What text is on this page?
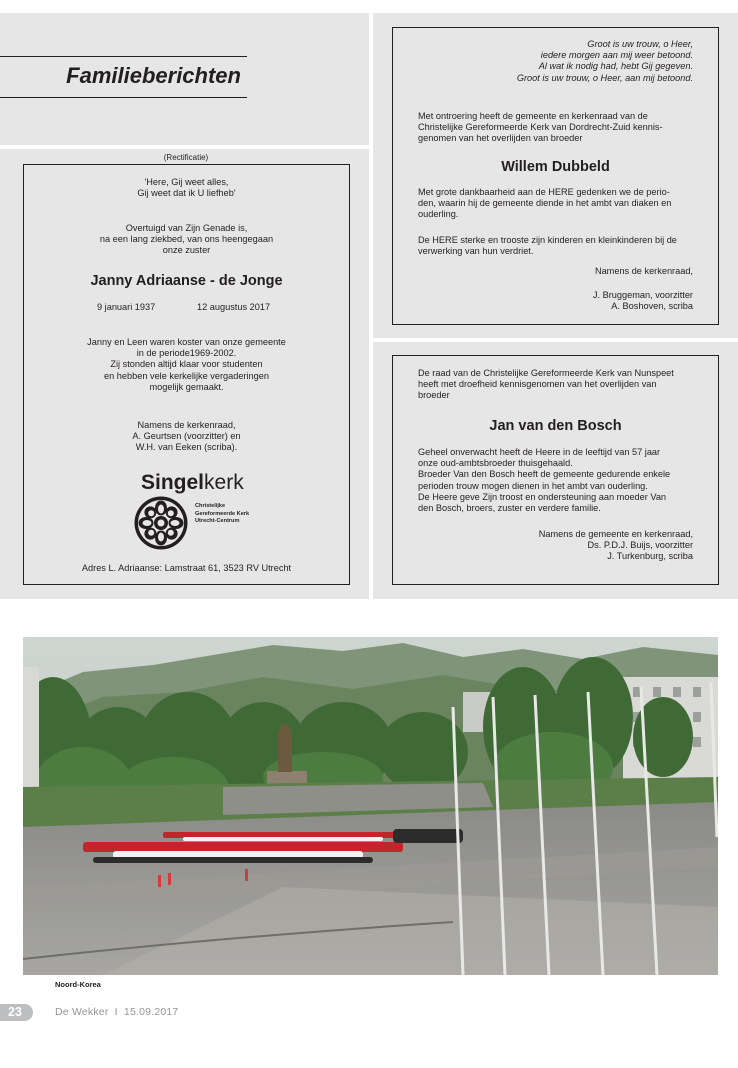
Familieberichten
(Rectificatie)
'Here, Gij weet alles,
Gij weet dat ik U liefheb'
Overtuigd van Zijn Genade is,
na een lang ziekbed, van ons heengegaan
onze zuster
Janny Adriaanse - de Jonge
9 januari 1937	12 augustus 2017
Janny en Leen waren koster van onze gemeente
in de periode1969-2002.
Zij stonden altijd klaar voor studenten
en hebben vele kerkelijke vergaderingen
mogelijk gemaakt.
Namens de kerkenraad,
A. Geurtsen (voorzitter) en
W.H. van Eeken (scriba).
Singelkerk
Christelijke
Gereformeerde Kerk
Utrecht-Centrum
Adres L. Adriaanse: Lamstraat 61, 3523 RV Utrecht
Groot is uw trouw, o Heer,
iedere morgen aan mij weer betoond.
Al wat ik nodig had, hebt Gij gegeven.
Groot is uw trouw, o Heer, aan mij betoond.
Met ontroering heeft de gemeente en kerkenraad van de
Christelijke Gereformeerde Kerk van Dordrecht-Zuid kennis-
genomen van het overlijden van broeder
Willem Dubbeld
Met grote dankbaarheid aan de HERE gedenken we de perio-
den, waarin hij de gemeente diende in het ambt van diaken en
ouderling.
De HERE sterke en trooste zijn kinderen en kleinkinderen bij de
verwerking van hun verdriet.
Namens de kerkenraad,
J. Bruggeman, voorzitter
A. Boshoven, scriba
De raad van de Christelijke Gereformeerde Kerk van Nunspeet
heeft met droefheid kennisgenomen van het overlijden van
broeder
Jan van den Bosch
Geheel onverwacht heeft de Heere in de leeftijd van 57 jaar
onze oud-ambtsbroeder thuisgehaald.
Broeder Van den Bosch heeft de gemeente gedurende enkele
perioden trouw mogen dienen in het ambt van ouderling.
De Heere geve Zijn troost en ondersteuning aan moeder Van
den Bosch, broers, zuster en verdere familie.
Namens de gemeente en kerkenraad,
Ds. P.D.J. Buijs, voorzitter
J. Turkenburg, scriba
Noord-Korea
23	De Wekker I 15.09.2017
